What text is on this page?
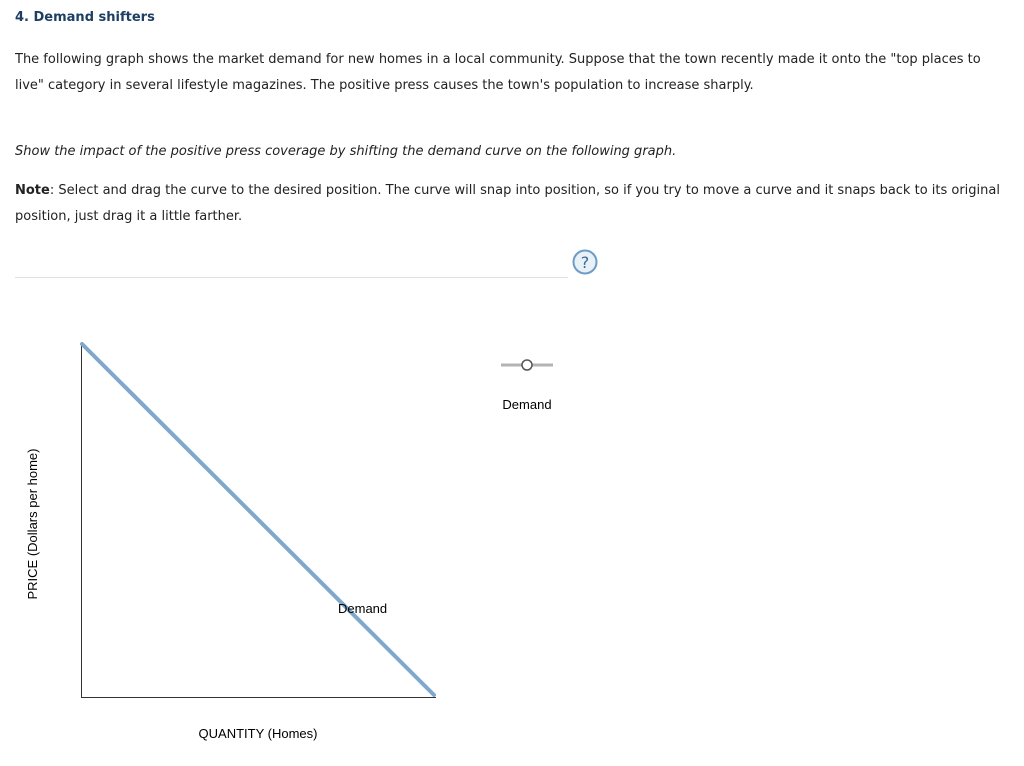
4. Demand shifters

The following graph shows the market demand for new homes in a local community. Suppose that the town recently made it onto the "top places to live" category in several lifestyle magazines. The positive press causes the town's population to increase sharply.

Show the impact of the positive press coverage by shifting the demand curve on the following graph.

Note: Select and drag the curve to the desired position. The curve will snap into position, so if you try to move a curve and it snaps back to its original position, just drag it a little farther.

?
PRICE (Dollars per home)
Demand
QUANTITY (Homes)
Demand
